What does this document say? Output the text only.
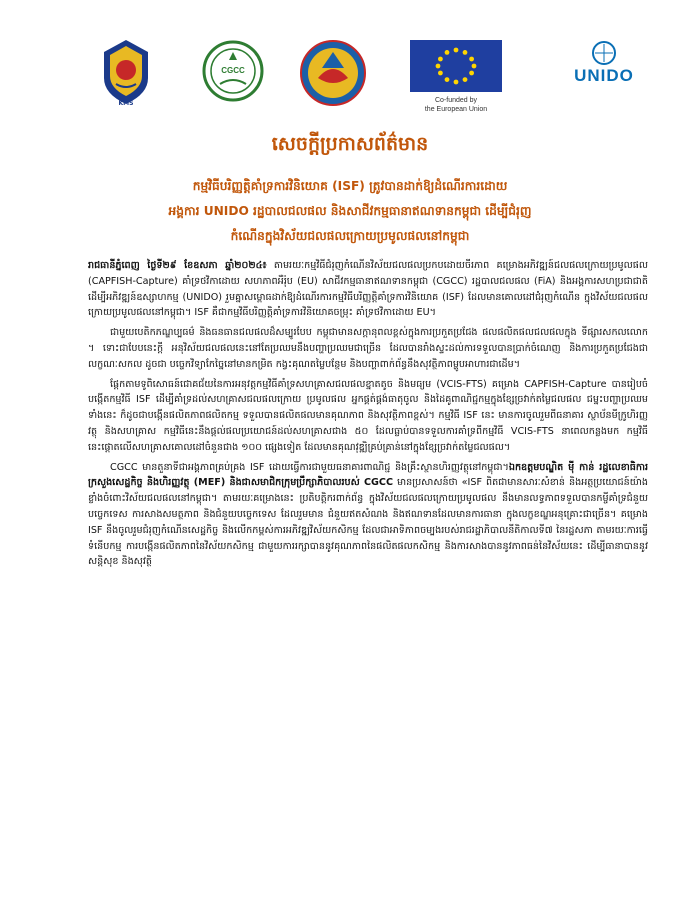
KMS
CGCC
Co-funded by
the European Union
UNIDO
សេចក្តីប្រកាសព័ត៌មាន
កម្មវិធីបរិញ្ញត្តិគាំទ្រការវិនិយោគ (ISF) ត្រូវបានដាក់ឱ្យដំណើរការដោយ
អង្គការ UNIDO រដ្ឋបាលជលផល និងសាជីវកម្មធានាឥណទានកម្ពុជា ដើម្បីជំរុញ
កំណើនក្នុងវិស័យជលផលក្រោយប្រមូលផលនៅកម្ពុជា

រាជធានីភ្នំពេញ ថ្ងៃទី២៩ ខែឧសភា ឆ្នាំ២០២៤៖ តាមរយៈកម្មវិធីជំរុញកំណើនវិស័យជលផលប្រកបដោយចីរភាព គម្រោងអភិវឌ្ឍន៍ជលផលក្រោយប្រមូលផល (CAPFISH-Capture) គាំទ្រថវិកាដោយ សហភាពអឺរ៉ុប (EU) សាជីវកម្មធានាឥណទានកម្ពុជា (CGCC) រដ្ឋបាលជលផល (FiA) និងអង្គការសហប្រជាជាតិដើម្បីអភិវឌ្ឍន៍ឧស្សាហកម្ម (UNIDO) រួមគ្នាសម្ពោធដាក់ឱ្យដំណើរការកម្មវិធីបរិញ្ញត្តិគាំទ្រការវិនិយោគ (ISF) ដែលមានគោលដៅជំរុញកំណើន ក្នុងវិស័យជលផលក្រោយប្រមូលផលនៅកម្ពុជា។ ISF គឺជាកម្មវិធីបរិញ្ញត្តិគាំទ្រការវិនិយោគចម្រុះ គាំទ្រថវិកាដោយ EU។

ជាមួយបេតិកភណ្ឌប្បធម៌ និងធនធានជលផលដ៏សម្បូរបែប កម្ពុជាមានសក្តានុពលខ្ពស់ក្នុងការប្រកួតប្រជែង ផលផលិតផលជលផលក្នុង ទីផ្សារសកលលោក ។ ទោះជាបែបនេះក្តី អនុវិស័យជលផលនេះនៅតែប្រឈមនឹងបញ្ហាប្រឈមជាច្រើន ដែលបានរាំងស្ទះដល់ការទទួលបានប្រាក់ចំណេញ និងការប្រកួតប្រជែងជាលក្ខណៈសកល ដូចជា បច្ចេកវិទ្យាកែច្នៃនៅមានកម្រិត កង្វះគុណតម្លៃបន្ថែម និងបញ្ហាពាក់ព័ន្ធនឹងសុវត្ថិភាពម្ហូបអាហារជាដើម។

ផ្តែកតាមទូពិសោធន៍ជោគជ័យនៃការអនុវត្តកម្មវិធីគាំទ្រសហគ្រាសជលផលខ្នាតតូច និងមធ្យម (VCIS-FTS) គម្រោង CAPFISH-Capture បានរៀបចំបង្កើតកម្មវិធី ISF ដើម្បីគាំទ្រដល់សហគ្រាសជលផលក្រោយ ប្រមូលផល អ្នកផ្គត់ផ្គង់ធាតុចូល និងដៃគូពាណិជ្ជកម្មក្នុងខ្សែច្រវាក់តម្លៃជលផល ជម្នះបញ្ហាប្រឈមទាំងនេះ ក៏ដូចជាបង្កើនផលិតភាពផលិតកម្ម ទទួលបានផលិតផលមានគុណភាព និងសុវត្ថិភាពខ្ពស់។ កម្មវិធី ISF នេះ មានការចូលរួមពីធនាគារ ស្ថាប័នមីក្រូហិរញ្ញវត្ថុ និងសហគ្រាស កម្មវិធីនេះនឹងផ្តល់ផលប្រយោជន៍ដល់សហគ្រាសជាង ៥០ ដែលធ្លាប់បានទទួលការគាំទ្រពីកម្មវិធី VCIS-FTS នាពេលកន្លងមក កម្មវិធីនេះផ្តោតលើសហគ្រាសគោលដៅចំនួនជាង ១០០ ផ្សេងទៀត ដែលមានគុណវុឌ្ឍិគ្រប់គ្រាន់នៅក្នុងខ្សែច្រវាក់តម្លៃជលផល។

CGCC មានតួនាទីជាអង្គភាពគ្រប់គ្រង ISF ដោយធ្វើការជាមួយធនាគារពាណិជ្ជ និងគ្រឹះស្ថានហិរញ្ញវត្ថុនៅកម្ពុជា។ឯកឧត្តមបណ្ឌិត ម៉ី កាន់ រដ្ឋលេខាធិការក្រសួងសេដ្ឋកិច្ច និងហិរញ្ញវត្ថុ (MEF) និងជាសមាជិកក្រុមប្រឹក្សាភិបាលរបស់ CGCC មានប្រសាសន៍ថា «ISF ពិតជាមានសារៈសំខាន់ និងអត្ថប្រយោជន៍យ៉ាងខ្លាំងចំពោះវិស័យជលផលនៅកម្ពុជា។ តាមរយៈគម្រោងនេះ ប្រតិបត្តិករពាក់ព័ន្ធ ក្នុងវិស័យជលផលក្រោយប្រមូលផល នឹងមានលទ្ធភាពទទួលបានកម្ចីគាំទ្រជំនួយបច្ចេកទេស ការសាងសមត្ថភាព និងជំនួយបច្ចេកទេស ដែលរួមមាន ជំនួយឥតសំណង និងឥណទានដែលមានការធានា ក្នុងលក្ខខណ្ឌអនុគ្រោះជាច្រើន។ គម្រោង ISF នឹងចូលរួមជំរុញកំណើនសេដ្ឋកិច្ច និងលើកកម្ពស់ការអភិវឌ្ឍវិស័យកសិកម្ម ដែលជាអាទិភាពចម្បងរបស់រាជរដ្ឋាភិបាលនីតិកាលទី៧ នៃរដ្ឋសភា តាមរយៈការធ្វើទំនើបកម្ម ការបង្កើនផលិតភាពនៃវិស័យកសិកម្ម ជាមួយការរក្សាបាននូវគុណភាពនៃផលិតផលកសិកម្ម និងការសាងបាននូវភាពធន់នៃវិស័យនេះ ដើម្បីធានាបាននូវសន្តិសុខ និងសុវត្ថិ
